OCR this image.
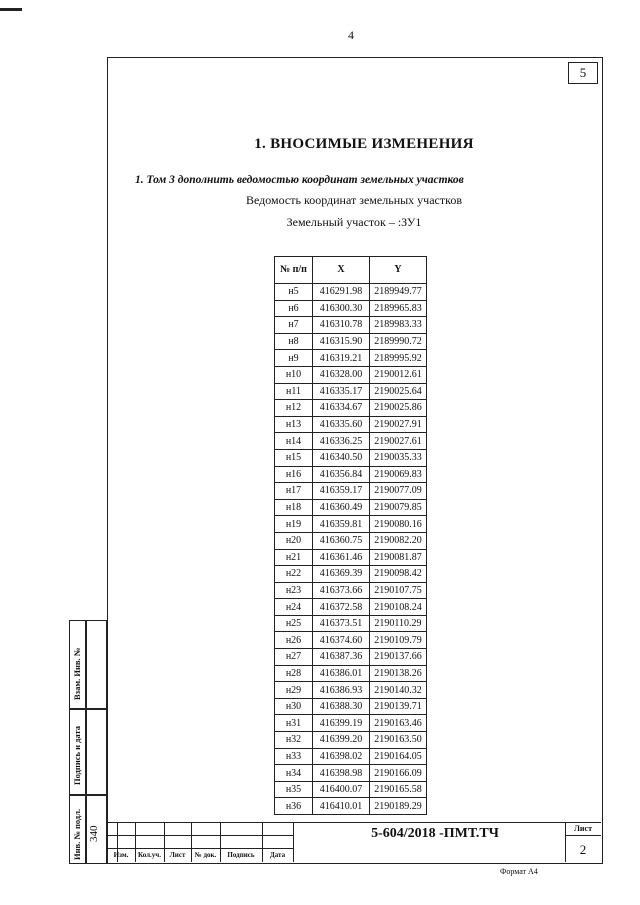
4
5
1. ВНОСИМЫЕ ИЗМЕНЕНИЯ
1. Том 3 дополнить ведомостью координат земельных участков
Ведомость координат земельных участков
Земельный участок – :ЗУ1
№ п/п	X	Y
н5	416291.98	2189949.77
н6	416300.30	2189965.83
н7	416310.78	2189983.33
н8	416315.90	2189990.72
н9	416319.21	2189995.92
н10	416328.00	2190012.61
н11	416335.17	2190025.64
н12	416334.67	2190025.86
н13	416335.60	2190027.91
н14	416336.25	2190027.61
н15	416340.50	2190035.33
н16	416356.84	2190069.83
н17	416359.17	2190077.09
н18	416360.49	2190079.85
н19	416359.81	2190080.16
н20	416360.75	2190082.20
н21	416361.46	2190081.87
н22	416369.39	2190098.42
н23	416373.66	2190107.75
н24	416372.58	2190108.24
н25	416373.51	2190110.29
н26	416374.60	2190109.79
н27	416387.36	2190137.66
н28	416386.01	2190138.26
н29	416386.93	2190140.32
н30	416388.30	2190139.71
н31	416399.19	2190163.46
н32	416399.20	2190163.50
н33	416398.02	2190164.05
н34	416398.98	2190166.09
н35	416400.07	2190165.58
н36	416410.01	2190189.29
Взам. Инв. №
Подпись и дата
Инв. № подл. 340
Изм.	Кол.уч.	Лист	№ док.	Подпись	Дата
5-604/2018 -ПМТ.ТЧ	Лист
2
Формат А4
